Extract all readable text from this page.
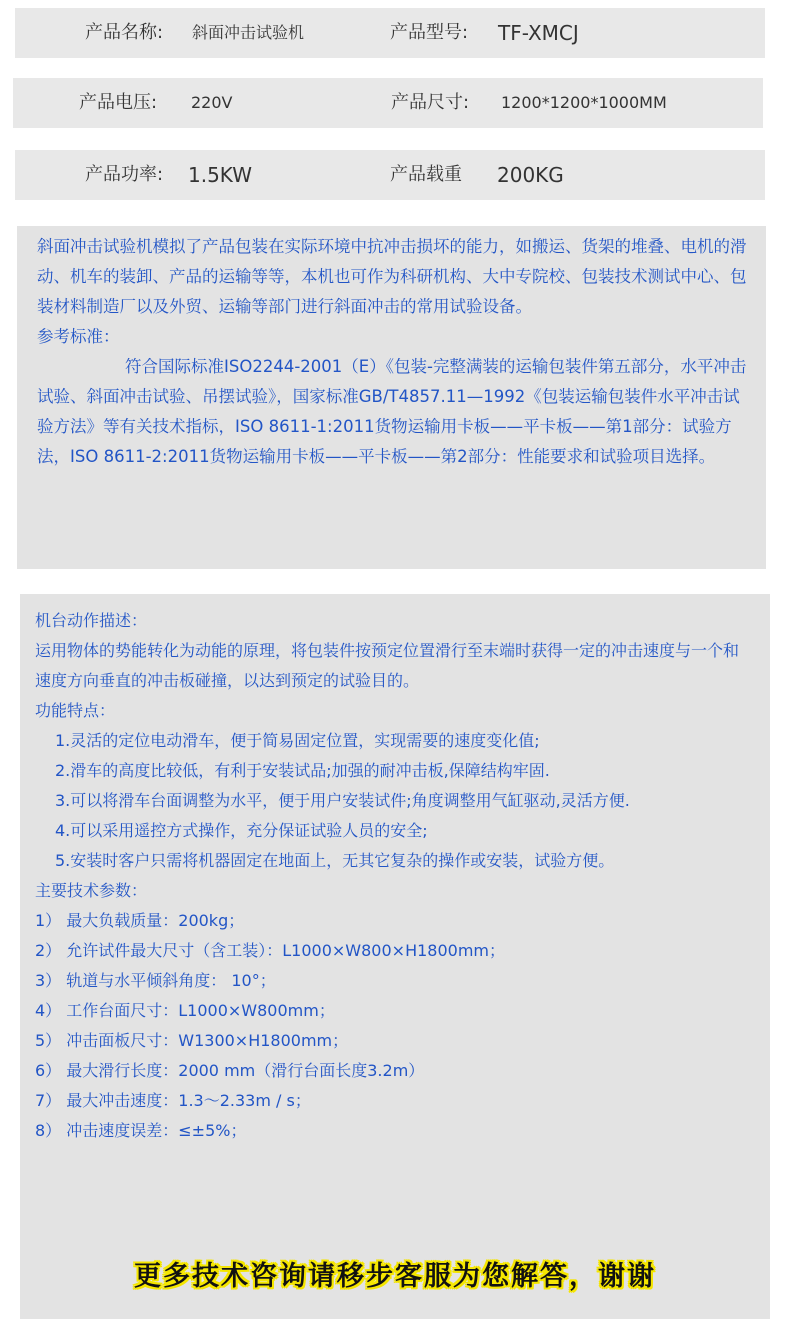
产品名称: 斜面冲击试验机	产品型号: TF-XMCJ
产品电压: 220V	产品尺寸: 1200*1200*1000MM
产品功率: 1.5KW	产品载重 200KG

斜面冲击试验机模拟了产品包装在实际环境中抗冲击损坏的能力，如搬运、货架的堆叠、电机的滑动、机车的装卸、产品的运输等等，本机也可作为科研机构、大中专院校、包装技术测试中心、包装材料制造厂以及外贸、运输等部门进行斜面冲击的常用试验设备。

参考标准：

符合国际标准ISO2244-2001（E）《包装-完整满装的运输包装件第五部分，水平冲击试验、斜面冲击试验、吊摆试验》，国家标准GB/T4857.11—1992《包装运输包装件水平冲击试验方法》等有关技术指标，ISO 8611-1:2011货物运输用卡板——平卡板——第1部分：试验方法，ISO 8611-2:2011货物运输用卡板——平卡板——第2部分：性能要求和试验项目选择。

机台动作描述：

运用物体的势能转化为动能的原理，将包装件按预定位置滑行至末端时获得一定的冲击速度与一个和速度方向垂直的冲击板碰撞，以达到预定的试验目的。

功能特点：

1.灵活的定位电动滑车，便于简易固定位置，实现需要的速度变化值;

2.滑车的高度比较低，有利于安装试品;加强的耐冲击板,保障结构牢固.

3.可以将滑车台面调整为水平，便于用户安装试件;角度调整用气缸驱动,灵活方便.

4.可以采用遥控方式操作，充分保证试验人员的安全;

5.安装时客户只需将机器固定在地面上，无其它复杂的操作或安装，试验方便。

主要技术参数：

1） 最大负载质量：200kg；

2） 允许试件最大尺寸（含工装）：L1000×W800×H1800mm；

3） 轨道与水平倾斜角度： 10°；

4） 工作台面尺寸：L1000×W800mm；

5） 冲击面板尺寸：W1300×H1800mm；

6） 最大滑行长度：2000 mm（滑行台面长度3.2m）

7） 最大冲击速度：1.3～2.33m / s；

8） 冲击速度误差：≤±5%；

更多技术咨询请移步客服为您解答，谢谢
